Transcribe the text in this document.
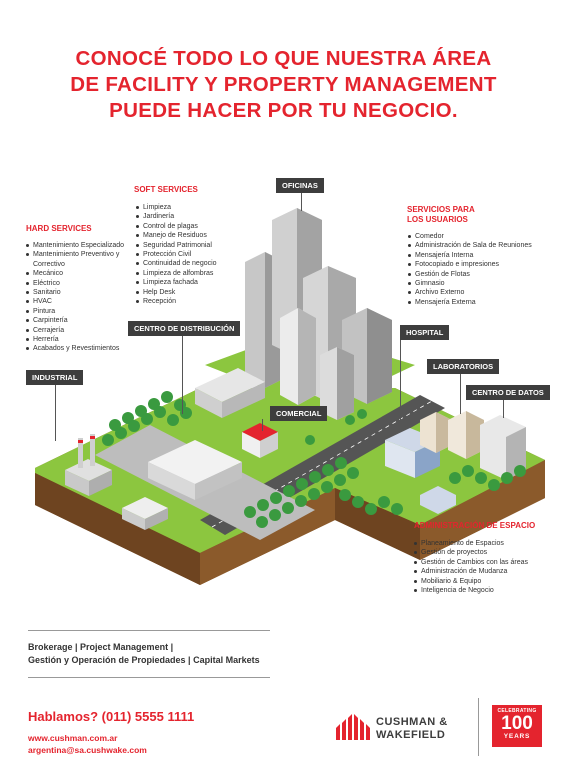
CONOCÉ TODO LO QUE NUESTRA ÁREA
DE FACILITY Y PROPERTY MANAGEMENT
PUEDE HACER POR TU NEGOCIO.
OFICINAS
CENTRO DE DISTRIBUCIÓN
INDUSTRIAL
COMERCIAL
HOSPITAL
LABORATORIOS
CENTRO DE DATOS
SOFT SERVICES
Limpieza
Jardinería
Control de plagas
Manejo de Residuos
Seguridad Patrimonial
Protección Civil
Continuidad de negocio
Limpieza de alfombras
Limpieza fachada
Help Desk
Recepción
HARD SERVICES
Mantenimiento Especializado
Mantenimiento Preventivo y Correctivo
Mecánico
Eléctrico
Sanitario
HVAC
Pintura
Carpintería
Cerrajería
Herrería
Acabados y Revestimientos
SERVICIOS PARA
LOS USUARIOS
Comedor
Administración de Sala de Reuniones
Mensajería Interna
Fotocopiado e impresiones
Gestión de Flotas
Gimnasio
Archivo Externo
Mensajería Externa
ADMINISTRACIÓN DE ESPACIO
Planeamiento de Espacios
Gestión de proyectos
Gestión de Cambios con las áreas
Administración de Mudanza
Mobiliario & Equipo
Inteligencia de Negocio
Brokerage | Project Management |
Gestión y Operación de Propiedades | Capital Markets
Hablamos? (011) 5555 1111
www.cushman.com.ar
argentina@sa.cushwake.com
CUSHMAN &
WAKEFIELD
CELEBRATING
100
YEARS
